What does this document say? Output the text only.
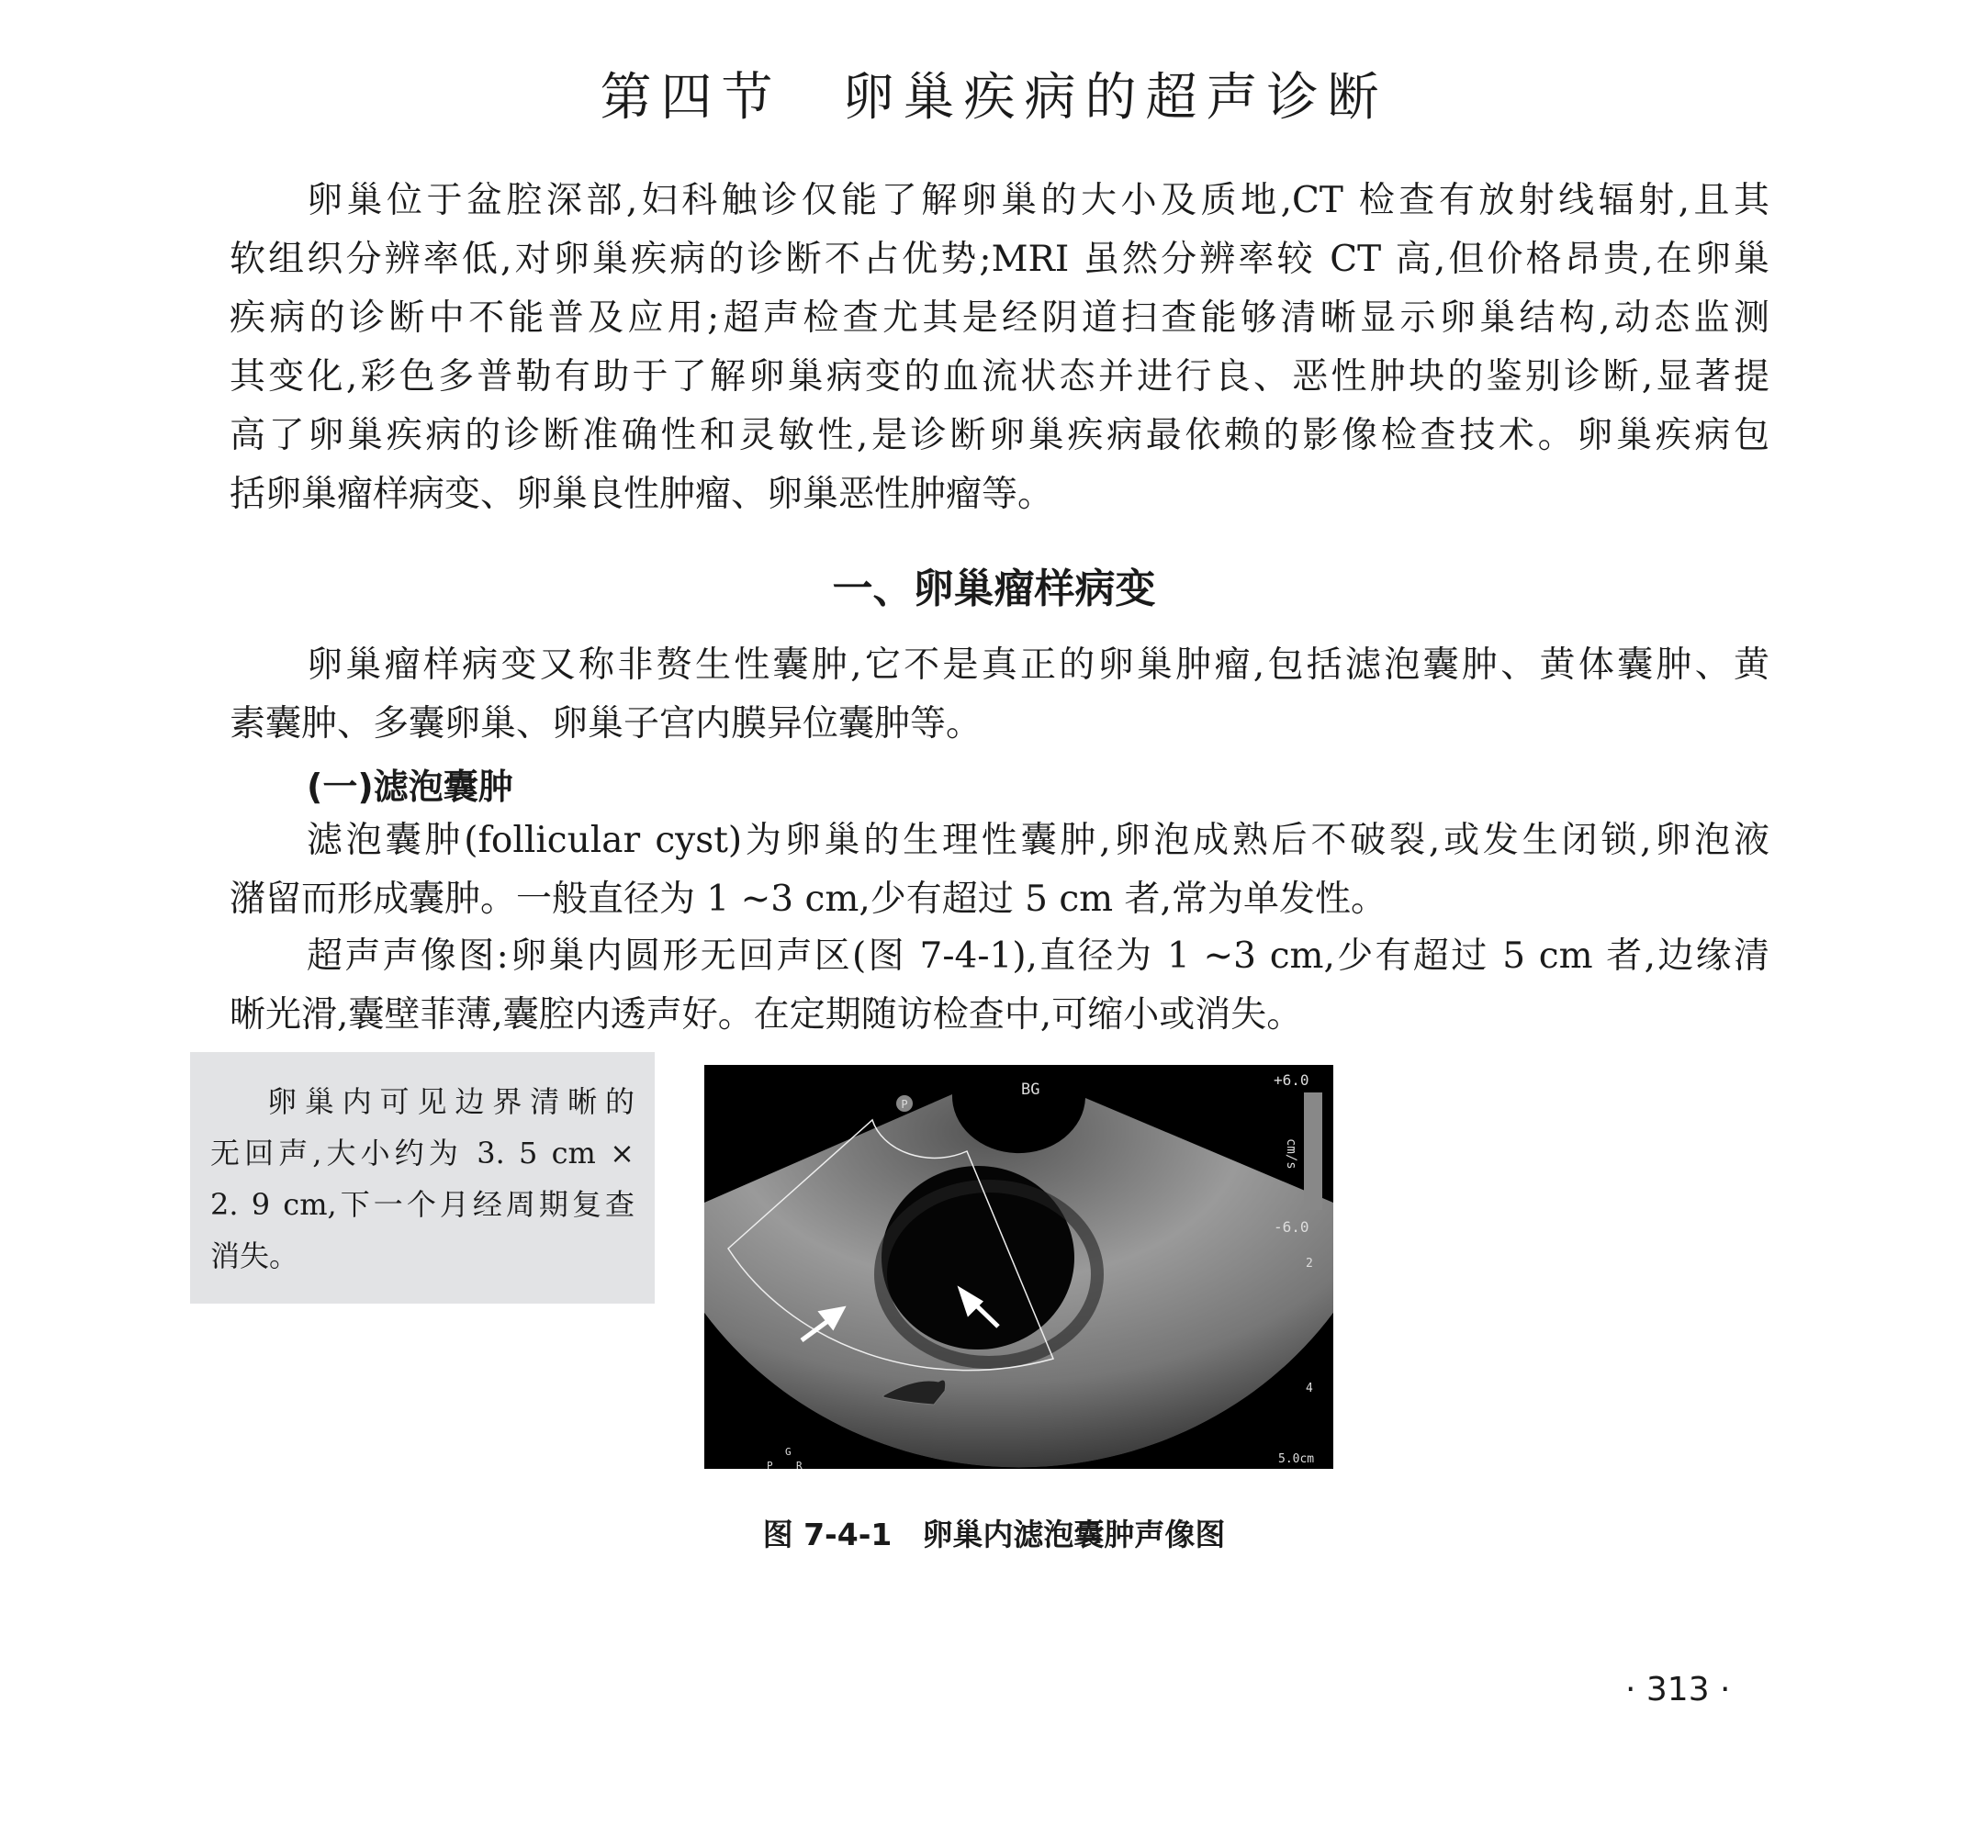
第四节　卵巢疾病的超声诊断
卵巢位于盆腔深部,妇科触诊仅能了解卵巢的大小及质地,CT 检查有放射线辐射,且其
软组织分辨率低,对卵巢疾病的诊断不占优势;MRI 虽然分辨率较 CT 高,但价格昂贵,在卵巢
疾病的诊断中不能普及应用;超声检查尤其是经阴道扫查能够清晰显示卵巢结构,动态监测
其变化,彩色多普勒有助于了解卵巢病变的血流状态并进行良、恶性肿块的鉴别诊断,显著提
高了卵巢疾病的诊断准确性和灵敏性,是诊断卵巢疾病最依赖的影像检查技术。卵巢疾病包
括卵巢瘤样病变、卵巢良性肿瘤、卵巢恶性肿瘤等。
一、卵巢瘤样病变
卵巢瘤样病变又称非赘生性囊肿,它不是真正的卵巢肿瘤,包括滤泡囊肿、黄体囊肿、黄
素囊肿、多囊卵巢、卵巢子宫内膜异位囊肿等。
(一)滤泡囊肿
滤泡囊肿(follicular cyst)为卵巢的生理性囊肿,卵泡成熟后不破裂,或发生闭锁,卵泡液
潴留而形成囊肿。一般直径为 1 ~3 cm,少有超过 5 cm 者,常为单发性。
超声声像图:卵巢内圆形无回声区(图 7-4-1),直径为 1 ~3 cm,少有超过 5 cm 者,边缘清
晰光滑,囊壁菲薄,囊腔内透声好。在定期随访检查中,可缩小或消失。
卵巢内可见边界清晰的
无回声,大小约为 3. 5 cm ×
2. 9 cm,下一个月经周期复查
消失。
P
BG
+6.0
-6.0
cm/s
2
4
5.0cm
G
P R
图 7-4-1　卵巢内滤泡囊肿声像图
· 313 ·
